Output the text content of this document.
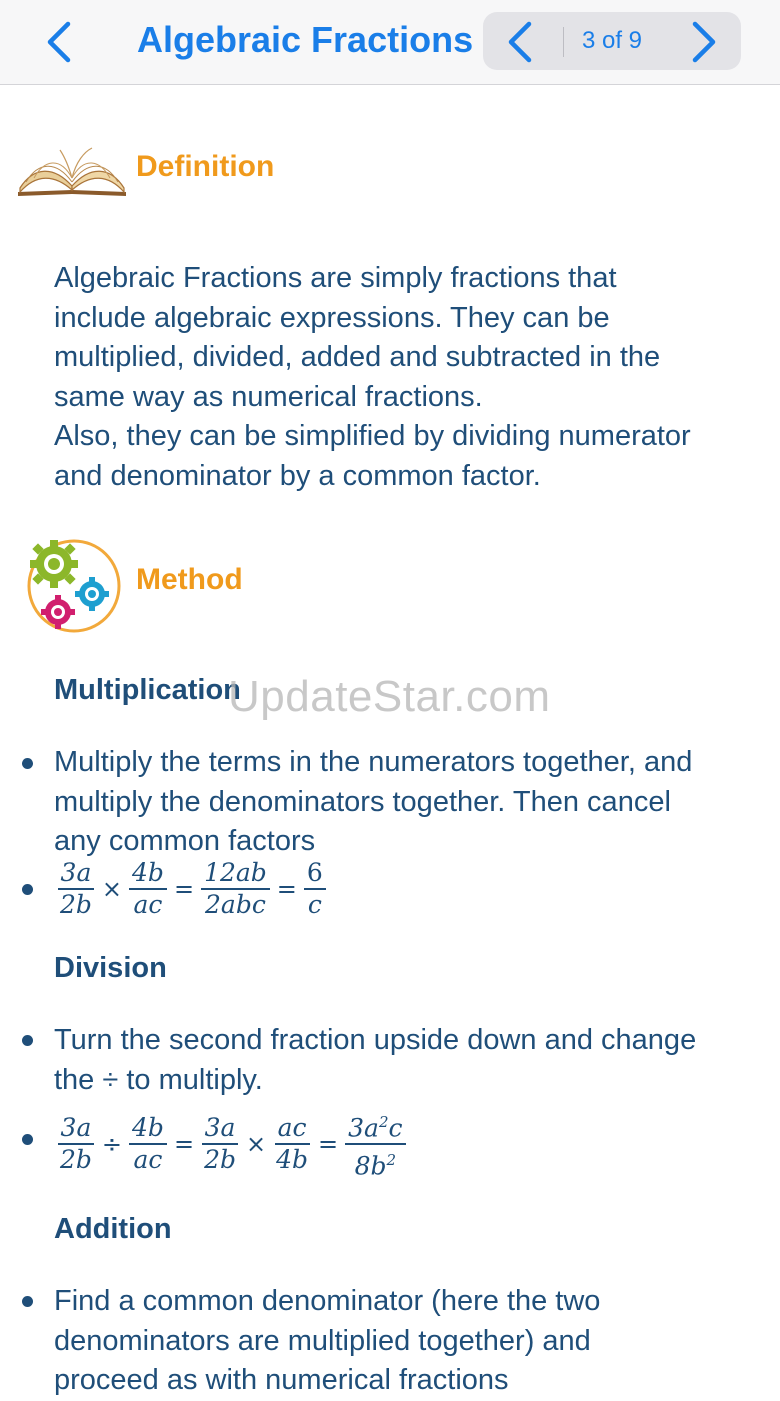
Algebraic Fractions	3 of 9
Definition
Algebraic Fractions are simply fractions that
include algebraic expressions. They can be
multiplied, divided, added and subtracted in the
same way as numerical fractions.
Also, they can be simplified by dividing numerator
and denominator by a common factor.
Method
Multiplication
UpdateStar.com
Multiply the terms in the numerators together, and
multiply the denominators together. Then cancel
any common factors
$\frac{3a}{2b} \times \frac{4b}{ac} = \frac{12ab}{\text{2abc}} = \frac{6}{c}$
Division
Turn the second fraction upside down and change
the ÷ to multiply.
$\frac{3a}{2b} \div \frac{4b}{ac} = \frac{3a}{2b} \times \frac{ac}{4b} = \frac{3a^2c}{8b^2}$
Addition
Find a common denominator (here the two
denominators are multiplied together) and
proceed as with numerical fractions
